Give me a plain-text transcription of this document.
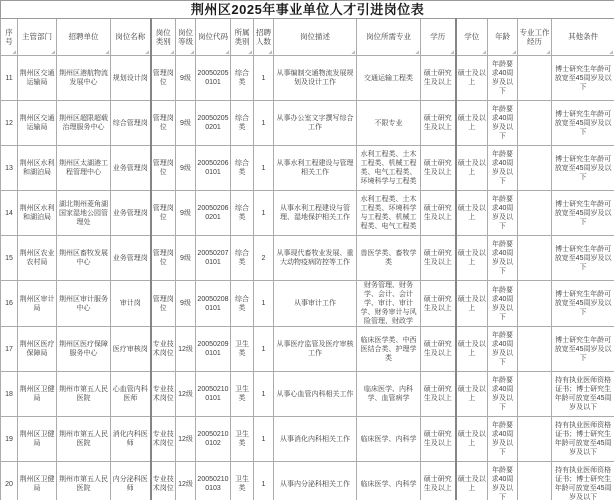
荆州区2025年事业单位人才引进岗位表															
序号	主管部门	招聘单位	岗位名称	岗位类别	岗位等级	岗位代码	所属类别	招聘人数	岗位描述	岗位所需专业	学历	学位	年龄	专业工作经历	其他条件
11	荆州区交通运输局	荆州区港航物流发展中心	规划设计岗	管理岗位	9级	200502050101	综合类	1	从事编制交通物流发展规划及设计工作	交通运输工程类	硕士研究生及以上	硕士及以上	年龄要求40周岁及以下		博士研究生年龄可放宽至45周岁及以下
12	荆州区交通运输局	荆州区超限超载治理服务中心	综合管理岗	管理岗位	9级	200502050201	综合类	1	从事办公室文字撰写综合工作	不限专业	硕士研究生及以上	硕士及以上	年龄要求40周岁及以下		博士研究生年龄可放宽至45周岁及以下
13	荆州区水利和湖泊局	荆州区太湖港工程管理中心	业务管理岗	管理岗位	9级	200502060101	综合类	1	从事水利工程建设与管理相关工作	水利工程类、土木工程类、机械工程类、电气工程类、环境科学与工程类	硕士研究生及以上	硕士及以上	年龄要求40周岁及以下		博士研究生年龄可放宽至45周岁及以下
14	荆州区水利和湖泊局	湖北荆州菱角湖国家湿地公园管理处	业务管理岗	管理岗位	9级	200502060201	综合类	1	从事水利工程建设与管理、湿地保护相关工作	水利工程类、土木工程类、环境科学与工程类、机械工程类、电气工程类	硕士研究生及以上	硕士及以上	年龄要求40周岁及以下		博士研究生年龄可放宽至45周岁及以下
15	荆州区农业农村局	荆州区畜牧发展中心	业务管理岗	管理岗位	9级	200502070101	综合类	2	从事现代畜牧业发展、重大动物疫病防控等工作	兽医学类、畜牧学类	硕士研究生及以上	硕士及以上	年龄要求40周岁及以下		博士研究生年龄可放宽至45周岁及以下
16	荆州区审计局	荆州区审计服务中心	审计岗	管理岗位	9级	200502080101	综合类	1	从事审计工作	财务管理、财务学、会计、会计学、审计、审计学、财务审计与风险管理、财政学	硕士研究生及以上	硕士及以上	年龄要求40周岁及以下		博士研究生年龄可放宽至45周岁及以下
17	荆州区医疗保障局	荆州区医疗保障服务中心	医疗审核岗	专业技术岗位	12级	200502090101	卫生类	1	从事医疗监管及医疗审核工作	临床医学类、中西医结合类、护理学类	硕士研究生及以上	硕士及以上	年龄要求40周岁及以下		博士研究生年龄可放宽至45周岁及以下
18	荆州区卫健局	荆州市第五人民医院	心血管内科医师	专业技术岗位	12级	200502100101	卫生类	1	从事心血管内科相关工作	临床医学、内科学、血管病学	硕士研究生及以上	硕士及以上	年龄要求40周岁及以下		持有执业医师资格证书；博士研究生年龄可放宽至45周岁及以下
19	荆州区卫健局	荆州市第五人民医院	消化内科医师	专业技术岗位	12级	200502100102	卫生类	1	从事消化内科相关工作	临床医学、内科学	硕士研究生及以上	硕士及以上	年龄要求40周岁及以下		持有执业医师资格证书；博士研究生年龄可放宽至45周岁及以下
20	荆州区卫健局	荆州市第五人民医院	内分泌科医师	专业技术岗位	12级	200502100103	卫生类	1	从事内分泌科相关工作	临床医学、内科学	硕士研究生及以上	硕士及以上	年龄要求40周岁及以下		持有执业医师资格证书；博士研究生年龄可放宽至45周岁及以下
